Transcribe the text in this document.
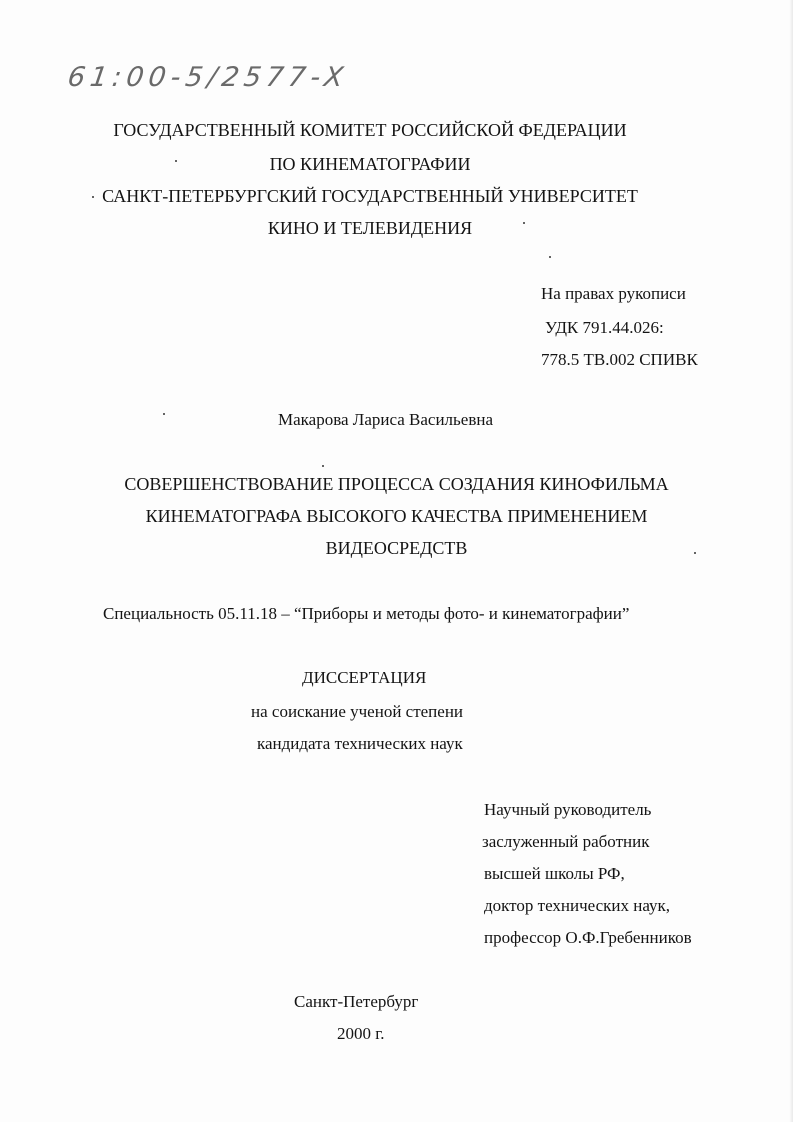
61:00-5/2577-X
ГОСУДАРСТВЕННЫЙ КОМИТЕТ РОССИЙСКОЙ ФЕДЕРАЦИИ
ПО КИНЕМАТОГРАФИИ
САНКТ-ПЕТЕРБУРГСКИЙ ГОСУДАРСТВЕННЫЙ УНИВЕРСИТЕТ
КИНО И ТЕЛЕВИДЕНИЯ
На правах рукописи
УДК 791.44.026:
778.5 ТВ.002 СПИВК
Макарова Лариса Васильевна
СОВЕРШЕНСТВОВАНИЕ ПРОЦЕССА СОЗДАНИЯ КИНОФИЛЬМА
КИНЕМАТОГРАФА ВЫСОКОГО КАЧЕСТВА ПРИМЕНЕНИЕМ
ВИДЕОСРЕДСТВ
Специальность 05.11.18 – “Приборы и методы фото- и кинематографии”
ДИССЕРТАЦИЯ
на соискание ученой степени
кандидата технических наук
Научный руководитель
заслуженный работник
высшей школы РФ,
доктор технических наук,
профессор О.Ф.Гребенников
Санкт-Петербург
2000 г.
